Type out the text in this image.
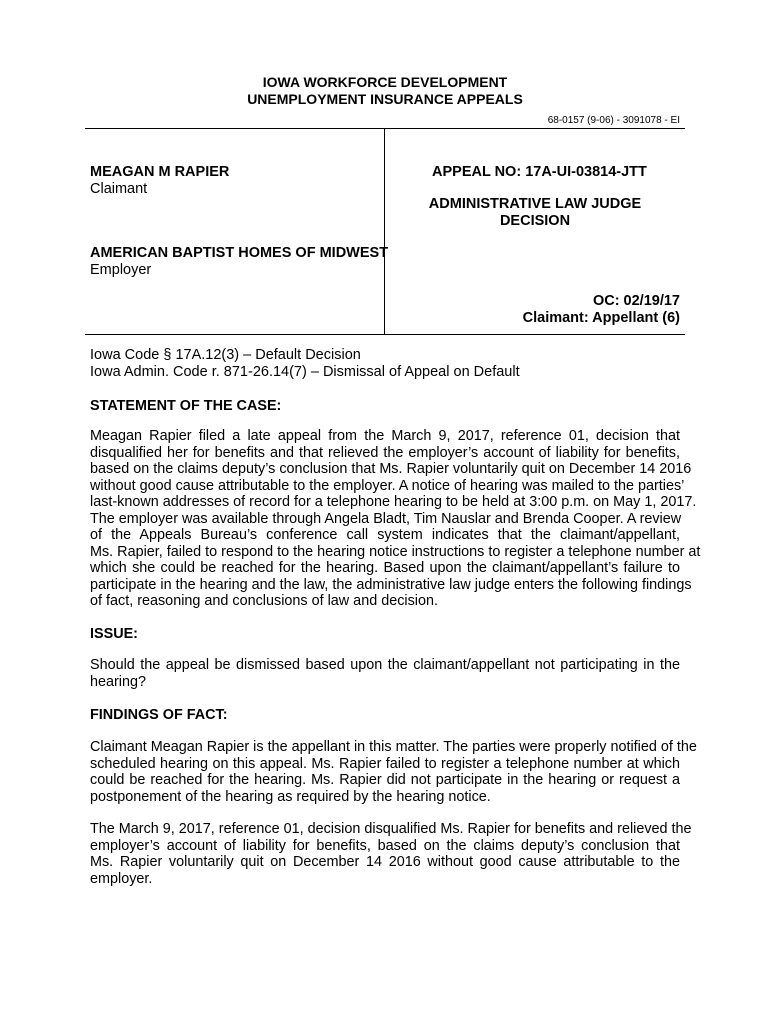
IOWA WORKFORCE DEVELOPMENT
UNEMPLOYMENT INSURANCE APPEALS
68-0157 (9-06) - 3091078 - EI
MEAGAN M RAPIER
Claimant
AMERICAN BAPTIST HOMES OF MIDWEST
Employer
APPEAL NO: 17A-UI-03814-JTT
ADMINISTRATIVE LAW JUDGE
DECISION
OC: 02/19/17
Claimant: Appellant (6)
Iowa Code § 17A.12(3) – Default Decision
Iowa Admin. Code r. 871-26.14(7) – Dismissal of Appeal on Default
STATEMENT OF THE CASE:
Meagan Rapier filed a late appeal from the March 9, 2017, reference 01, decision that
disqualified her for benefits and that relieved the employer’s account of liability for benefits,
based on the claims deputy’s conclusion that Ms. Rapier voluntarily quit on December 14 2016
without good cause attributable to the employer. A notice of hearing was mailed to the parties’
last-known addresses of record for a telephone hearing to be held at 3:00 p.m. on May 1, 2017.
The employer was available through Angela Bladt, Tim Nauslar and Brenda Cooper. A review
of the Appeals Bureau’s conference call system indicates that the claimant/appellant,
Ms. Rapier, failed to respond to the hearing notice instructions to register a telephone number at
which she could be reached for the hearing. Based upon the claimant/appellant’s failure to
participate in the hearing and the law, the administrative law judge enters the following findings
of fact, reasoning and conclusions of law and decision.
ISSUE:
Should the appeal be dismissed based upon the claimant/appellant not participating in the
hearing?
FINDINGS OF FACT:
Claimant Meagan Rapier is the appellant in this matter. The parties were properly notified of the
scheduled hearing on this appeal. Ms. Rapier failed to register a telephone number at which
could be reached for the hearing. Ms. Rapier did not participate in the hearing or request a
postponement of the hearing as required by the hearing notice.
The March 9, 2017, reference 01, decision disqualified Ms. Rapier for benefits and relieved the
employer’s account of liability for benefits, based on the claims deputy’s conclusion that
Ms. Rapier voluntarily quit on December 14 2016 without good cause attributable to the
employer.
